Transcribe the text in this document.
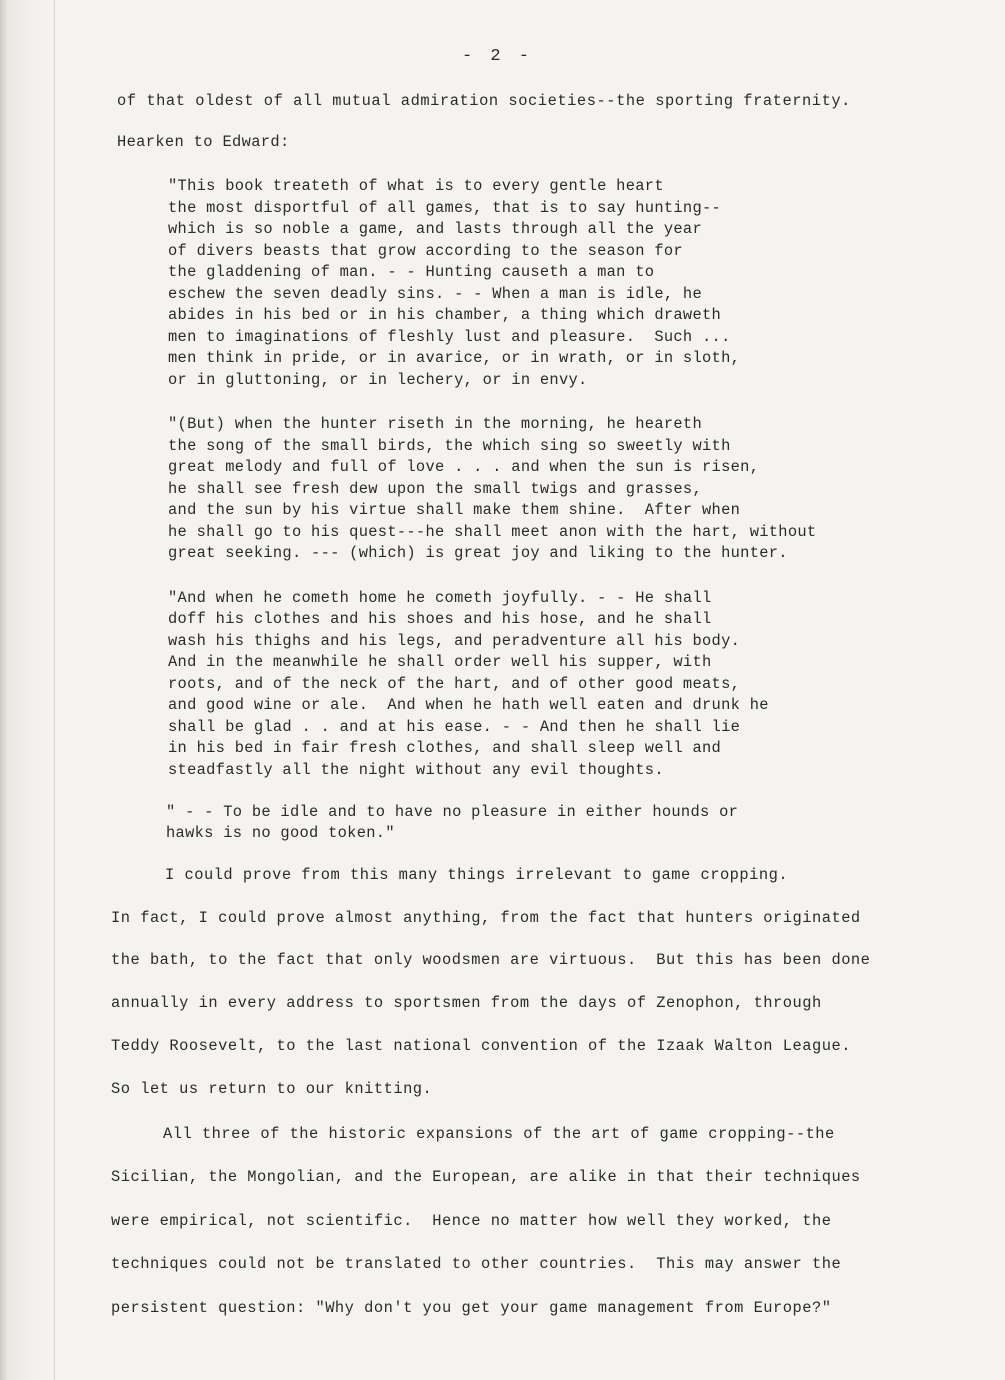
- 2 -
of that oldest of all mutual admiration societies--the sporting fraternity.
Hearken to Edward:
"This book treateth of what is to every gentle heart
the most disportful of all games, that is to say hunting--
which is so noble a game, and lasts through all the year
of divers beasts that grow according to the season for
the gladdening of man. - - Hunting causeth a man to
eschew the seven deadly sins. - - When a man is idle, he
abides in his bed or in his chamber, a thing which draweth
men to imaginations of fleshly lust and pleasure.  Such ...
men think in pride, or in avarice, or in wrath, or in sloth,
or in gluttoning, or in lechery, or in envy.
"(But) when the hunter riseth in the morning, he heareth
the song of the small birds, the which sing so sweetly with
great melody and full of love . . . and when the sun is risen,
he shall see fresh dew upon the small twigs and grasses,
and the sun by his virtue shall make them shine.  After when
he shall go to his quest---he shall meet anon with the hart, without
great seeking. --- (which) is great joy and liking to the hunter.
"And when he cometh home he cometh joyfully. - - He shall
doff his clothes and his shoes and his hose, and he shall
wash his thighs and his legs, and peradventure all his body.
And in the meanwhile he shall order well his supper, with
roots, and of the neck of the hart, and of other good meats,
and good wine or ale.  And when he hath well eaten and drunk he
shall be glad . . and at his ease. - - And then he shall lie
in his bed in fair fresh clothes, and shall sleep well and
steadfastly all the night without any evil thoughts.
" - - To be idle and to have no pleasure in either hounds or
hawks is no good token."
I could prove from this many things irrelevant to game cropping.
In fact, I could prove almost anything, from the fact that hunters originated
the bath, to the fact that only woodsmen are virtuous.  But this has been done
annually in every address to sportsmen from the days of Zenophon, through
Teddy Roosevelt, to the last national convention of the Izaak Walton League.
So let us return to our knitting.
All three of the historic expansions of the art of game cropping--the
Sicilian, the Mongolian, and the European, are alike in that their techniques
were empirical, not scientific.  Hence no matter how well they worked, the
techniques could not be translated to other countries.  This may answer the
persistent question: "Why don't you get your game management from Europe?"
